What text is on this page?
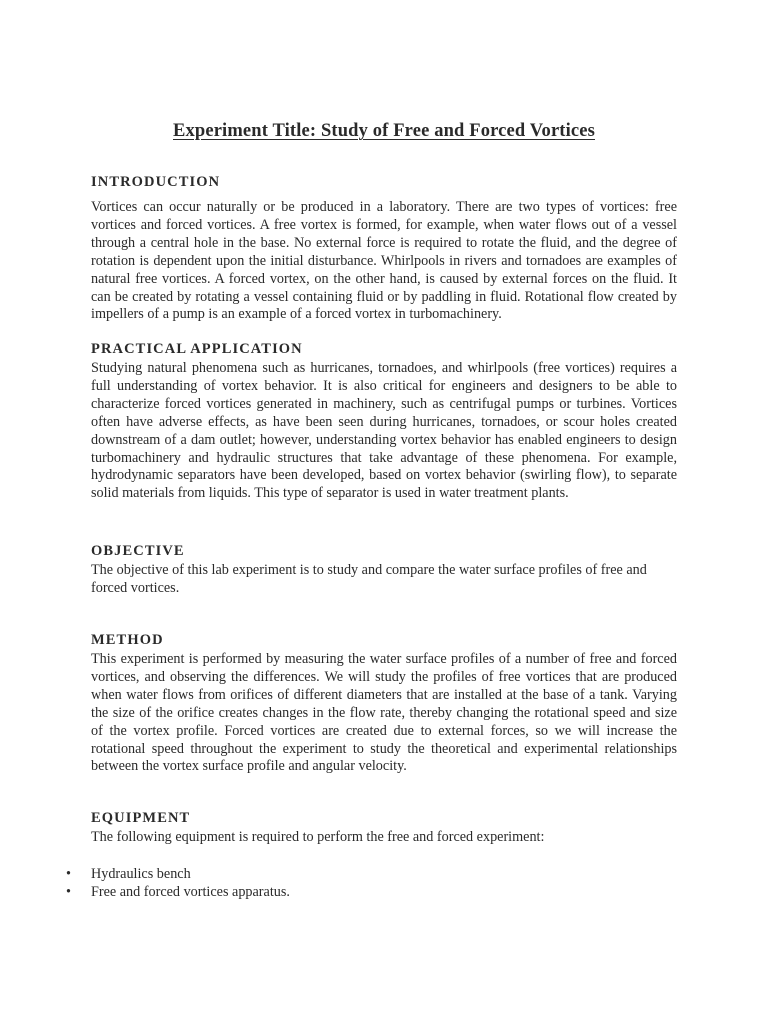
Experiment Title: Study of Free and Forced Vortices
INTRODUCTION

Vortices can occur naturally or be produced in a laboratory. There are two types of vortices: free vortices and forced vortices. A free vortex is formed, for example, when water flows out of a vessel through a central hole in the base. No external force is required to rotate the fluid, and the degree of rotation is dependent upon the initial disturbance. Whirlpools in rivers and tornadoes are examples of natural free vortices. A forced vortex, on the other hand, is caused by external forces on the fluid. It can be created by rotating a vessel containing fluid or by paddling in fluid. Rotational flow created by impellers of a pump is an example of a forced vortex in turbomachinery.

PRACTICAL APPLICATION

Studying natural phenomena such as hurricanes, tornadoes, and whirlpools (free vortices) requires a full understanding of vortex behavior. It is also critical for engineers and designers to be able to characterize forced vortices generated in machinery, such as centrifugal pumps or turbines. Vortices often have adverse effects, as have been seen during hurricanes, tornadoes, or scour holes created downstream of a dam outlet; however, understanding vortex behavior has enabled engineers to design turbomachinery and hydraulic structures that take advantage of these phenomena. For example, hydrodynamic separators have been developed, based on vortex behavior (swirling flow), to separate solid materials from liquids. This type of separator is used in water treatment plants.

OBJECTIVE

The objective of this lab experiment is to study and compare the water surface profiles of free and forced vortices.

METHOD

This experiment is performed by measuring the water surface profiles of a number of free and forced vortices, and observing the differences. We will study the profiles of free vortices that are produced when water flows from orifices of different diameters that are installed at the base of a tank. Varying the size of the orifice creates changes in the flow rate, thereby changing the rotational speed and size of the vortex profile. Forced vortices are created due to external forces, so we will increase the rotational speed throughout the experiment to study the theoretical and experimental relationships between the vortex surface profile and angular velocity.

EQUIPMENT

The following equipment is required to perform the free and forced experiment:

• Hydraulics bench
• Free and forced vortices apparatus.
